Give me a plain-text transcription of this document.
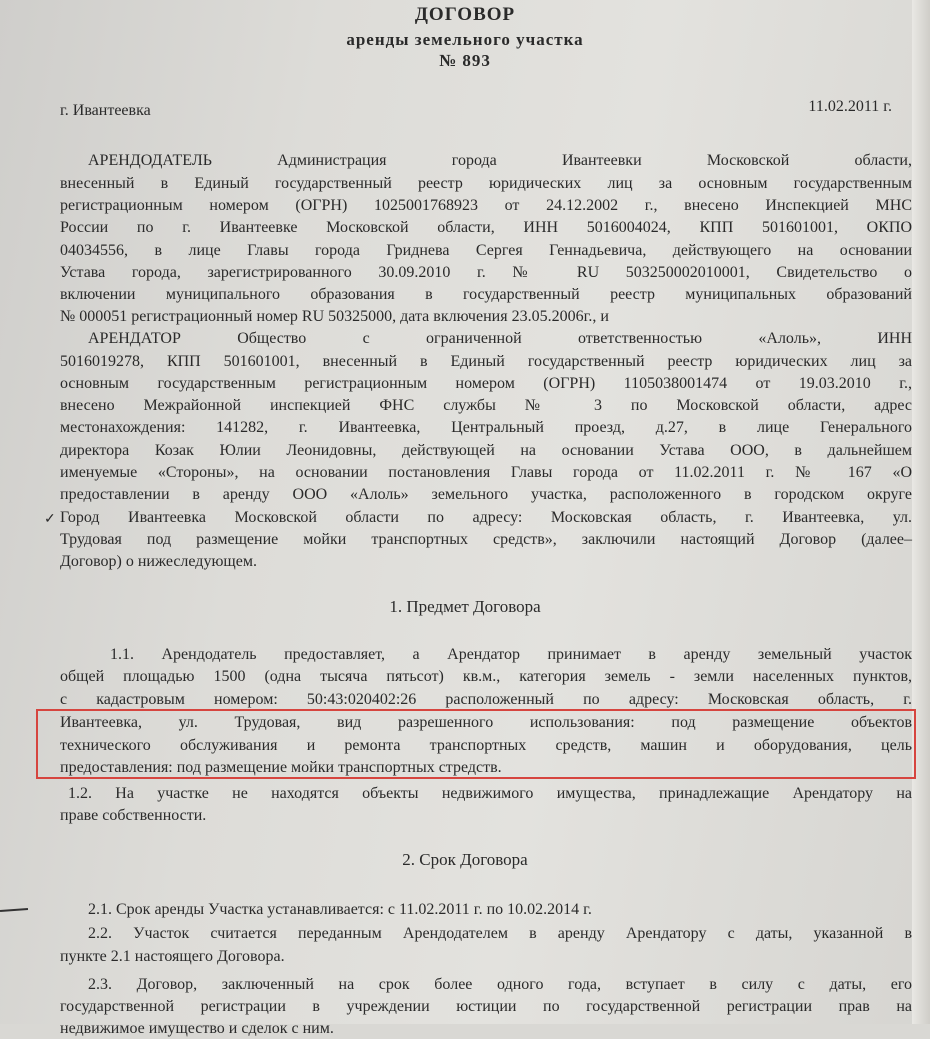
ДОГОВОР
аренды земельного участка
№ 893
г. Ивантеевка	11.02.2011 г.
АРЕНДОДАТЕЛЬ Администрация города Ивантеевки Московской области,
внесенный в Единый государственный реестр юридических лиц за основным государственным
регистрационным номером (ОГРН) 1025001768923 от 24.12.2002 г., внесено Инспекцией МНС
России по г. Ивантеевке Московской области, ИНН 5016004024, КПП 501601001, ОКПО
04034556, в лице Главы города Гриднева Сергея Геннадьевича, действующего на основании
Устава города, зарегистрированного 30.09.2010 г. № RU 503250002010001, Свидетельство о
включении муниципального образования в государственный реестр муниципальных образований
№ 000051 регистрационный номер RU 50325000, дата включения 23.05.2006г., и
АРЕНДАТОР Общество с ограниченной ответственностью «Алоль», ИНН
5016019278, КПП 501601001, внесенный в Единый государственный реестр юридических лиц за
основным государственным регистрационным номером (ОГРН) 1105038001474 от 19.03.2010 г.,
внесено Межрайонной инспекцией ФНС службы № 3 по Московской области, адрес
местонахождения: 141282, г. Ивантеевка, Центральный проезд, д.27, в лице Генерального
директора Козак Юлии Леонидовны, действующей на основании Устава ООО, в дальнейшем
именуемые «Стороны», на основании постановления Главы города от 11.02.2011 г. № 167 «О
предоставлении в аренду ООО «Алоль» земельного участка, расположенного в городском округе
Город Ивантеевка Московской области по адресу: Московская область, г. Ивантеевка, ул.
Трудовая под размещение мойки транспортных средств», заключили настоящий Договор (далее–
Договор) о нижеследующем.
✓
1. Предмет Договора
1.1. Арендодатель предоставляет, а Арендатор принимает в аренду земельный участок
общей площадью 1500 (одна тысяча пятьсот) кв.м., категория земель - земли населенных пунктов,
с кадастровым номером: 50:43:020402:26 расположенный по адресу: Московская область, г.
Ивантеевка, ул. Трудовая, вид разрешенного использования: под размещение объектов
технического обслуживания и ремонта транспортных средств, машин и оборудования, цель
предоставления: под размещение мойки транспортных стредств.
1.2. На участке не находятся объекты недвижимого имущества, принадлежащие Арендатору на
праве собственности.
2. Срок Договора
2.1. Срок аренды Участка устанавливается: с 11.02.2011 г. по 10.02.2014 г.
2.2. Участок считается переданным Арендодателем в аренду Арендатору с даты, указанной в
пункте 2.1 настоящего Договора.
2.3. Договор, заключенный на срок более одного года, вступает в силу с даты, его
государственной регистрации в учреждении юстиции по государственной регистрации прав на
недвижимое имущество и сделок с ним.
